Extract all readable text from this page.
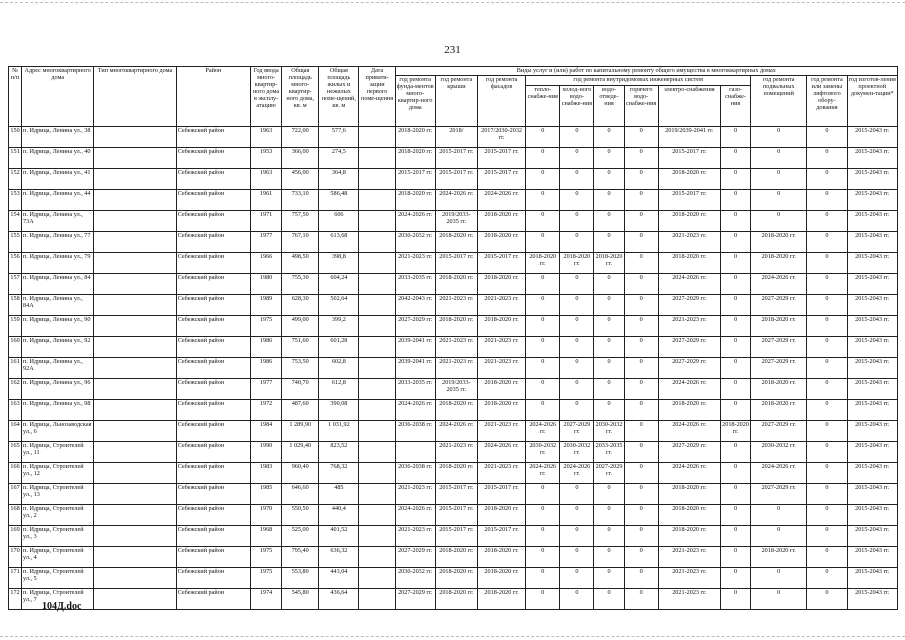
231
№ п/п	Адрес многоквартирного дома	Тип многоквартирного дома	Район	Год ввода много-квартир-ного дома в эксплу-атацию	Общая площадь много-квартир-ного дома, кв. м	Общая площадь жилых и нежилых поме-щений, кв. м	Дата привати-зации первого поме-щения	Виды услуг и (или) работ по капитальному ремонту общего имущества в многоквартирных домах											
								год ремонта фунда-ментов много-квартир-ного дома	год ремонта крыши	год ремонта фасадов	год ремонта внутридомовых инженерных систем						год ремонта подвальных помещений	год ремонта или замены лифтового обору-дования	год изготов-ления проектной докумен-тации*
											тепло-снабже-ния	холод-ного водо-снабже-ния	водо-отведе-ния	горячего водо-снабже-ния	электро-снабжения	газо-снабже-ния			
150	п. Идрица, Ленина ул., 38		Себежский район	1963	722,00	577,6		2018-2020 гг.	2018/	2017/2030-2032 гг.	0	0	0	0	2019/2039-2041 гг.	0	0	0	2015-2043 гг.
151	п. Идрица, Ленина ул., 40		Себежский район	1953	366,00	274,5		2018-2020 гг.	2015-2017 гг.	2015-2017 гг.	0	0	0	0	2015-2017 гг.	0	0	0	2015-2043 гг.
152	п. Идрица, Ленина ул., 41		Себежский район	1963	456,00	364,8		2015-2017 гг.	2015-2017 гг.	2015-2017 гг.	0	0	0	0	2018-2020 гг.	0	0	0	2015-2043 гг.
153	п. Идрица, Ленина ул., 44		Себежский район	1961	733,10	586,48		2018-2020 гг.	2024-2026 гг.	2024-2026 гг.	0	0	0	0	2015-2017 гг.	0	0	0	2015-2043 гг.
154	п. Идрица, Ленина ул., 73А		Себежский район	1971	757,50	606		2024-2026 гг.	2019/2033-2035 гг.	2018-2020 гг.	0	0	0	0	2018-2020 гг.	0	0	0	2015-2043 гг.
155	п. Идрица, Ленина ул., 77		Себежский район	1977	767,10	613,68		2030-2032 гг.	2018-2020 гг.	2018-2020 гг.	0	0	0	0	2021-2023 гг.	0	2018-2020 гг.	0	2015-2043 гг.
156	п. Идрица, Ленина ул., 79		Себежский район	1966	498,50	398,8		2021-2023 гг.	2015-2017 гг.	2015-2017 гг.	2018-2020 гг.	2018-2020 гг.	2018-2020 гг.	0	2018-2020 гг.	0	2018-2020 гг.	0	2015-2043 гг.
157	п. Идрица, Ленина ул., 84		Себежский район	1980	755,30	604,24		2033-2035 гг.	2018-2020 гг.	2018-2020 гг.	0	0	0	0	2024-2026 гг.	0	2024-2026 гг.	0	2015-2043 гг.
158	п. Идрица, Ленина ул., 84А		Себежский район	1989	628,30	502,64		2042-2043 гг.	2021-2023 гг.	2021-2023 гг.	0	0	0	0	2027-2029 гг.	0	2027-2029 гг.	0	2015-2043 гг.
159	п. Идрица, Ленина ул., 90		Себежский район	1975	499,00	399,2		2027-2029 гг.	2018-2020 гг.	2018-2020 гг.	0	0	0	0	2021-2023 гг.	0	2018-2020 гг.	0	2015-2043 гг.
160	п. Идрица, Ленина ул., 92		Себежский район	1986	751,60	601,28		2039-2041 гг.	2021-2023 гг.	2021-2023 гг.	0	0	0	0	2027-2029 гг.	0	2027-2029 гг.	0	2015-2043 гг.
161	п. Идрица, Ленина ул., 92А		Себежский район	1986	753,50	602,8		2039-2041 гг.	2021-2023 гг.	2021-2023 гг.	0	0	0	0	2027-2029 гг.	0	2027-2029 гг.	0	2015-2043 гг.
162	п. Идрица, Ленина ул., 96		Себежский район	1977	740,70	612,8		2033-2035 гг.	2019/2033-2035 гг.	2018-2020 гг.	0	0	0	0	2024-2026 гг.	0	2018-2020 гг.	0	2015-2043 гг.
163	п. Идрица, Ленина ул., 98		Себежский район	1972	487,60	390,08		2024-2026 гг.	2018-2020 гг.	2018-2020 гг.	0	0	0	0	2018-2020 гг.	0	2018-2020 гг.	0	2015-2043 гг.
164	п. Идрица, Льнозаводская ул., 6		Себежский район	1984	1 289,90	1 031,92		2036-2038 гг.	2024-2026 гг.	2021-2023 гг.	2024-2026 гг.	2027-2029 гг.	2030-2032 гг.	0	2024-2026 гг.	2018-2020 гг.	2027-2029 гг.	0	2015-2043 гг.
165	п. Идрица, Строителей ул., 11		Себежский район	1990	1 029,40	823,52			2021-2023 гг.	2024-2026 гг.	2030-2032 гг.	2030-2032 гг.	2033-2035 гг.	0	2027-2029 гг.	0	2030-2032 гг.	0	2015-2043 гг.
166	п. Идрица, Строителей ул., 12		Себежский район	1983	960,40	768,32		2036-2038 гг.	2018-2020 гг.	2021-2023 гг.	2024-2026 гг.	2024-2026 гг.	2027-2029 гг.	0	2024-2026 гг.	0	2024-2026 гг.	0	2015-2043 гг.
167	п. Идрица, Строителей ул., 13		Себежский район	1985	646,60	485		2021-2023 гг.	2015-2017 гг.	2015-2017 гг.	0	0	0	0	2018-2020 гг.	0	2027-2029 гг.	0	2015-2043 гг.
168	п. Идрица, Строителей ул., 2		Себежский район	1970	550,50	440,4		2024-2026 гг.	2015-2017 гг.	2018-2020 гг.	0	0	0	0	2018-2020 гг.	0	0	0	2015-2043 гг.
169	п. Идрица, Строителей ул., 3		Себежский район	1968	525,00	401,52		2021-2023 гг.	2015-2017 гг.	2015-2017 гг.	0	0	0	0	2018-2020 гг.	0	0	0	2015-2043 гг.
170	п. Идрица, Строителей ул., 4		Себежский район	1975	795,40	636,32		2027-2029 гг.	2018-2020 гг.	2018-2020 гг.	0	0	0	0	2021-2023 гг.	0	2018-2020 гг.	0	2015-2043 гг.
171	п. Идрица, Строителей ул., 5		Себежский район	1975	553,80	443,04		2030-2032 гг.	2018-2020 гг.	2018-2020 гг.	0	0	0	0	2021-2023 гг.	0	0	0	2015-2043 гг.
172	п. Идрица, Строителей ул., 7		Себежский район	1974	545,80	436,64		2027-2029 гг.	2018-2020 гг.	2018-2020 гг.	0	0	0	0	2021-2023 гг.	0	0	0	2015-2043 гг.
104Д.doc
